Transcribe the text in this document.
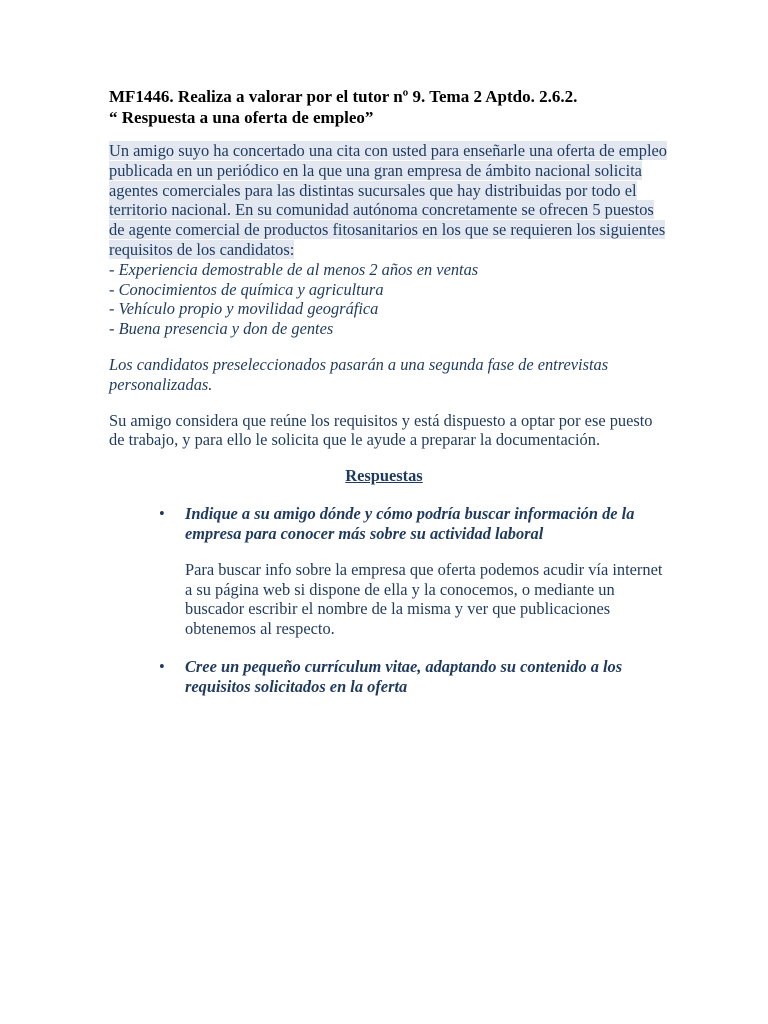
MF1446. Realiza a valorar por el tutor nº 9. Tema 2 Aptdo. 2.6.2.
“ Respuesta a una oferta de empleo”
Un amigo suyo ha concertado una cita con usted para enseñarle una oferta de empleo publicada en un periódico en la que una gran empresa de ámbito nacional solicita agentes comerciales para las distintas sucursales que hay distribuidas por todo el territorio nacional. En su comunidad autónoma concretamente se ofrecen 5 puestos de agente comercial de productos fitosanitarios en los que se requieren los siguientes requisitos de los candidatos:
- Experiencia demostrable de al menos 2 años en ventas
- Conocimientos de química y agricultura
- Vehículo propio y movilidad geográfica
- Buena presencia y don de gentes

Los candidatos preseleccionados pasarán a una segunda fase de entrevistas personalizadas.

Su amigo considera que reúne los requisitos y está dispuesto a optar por ese puesto de trabajo, y para ello le solicita que le ayude a preparar la documentación.

Respuestas
• Indique a su amigo dónde y cómo podría buscar información de la empresa para conocer más sobre su actividad laboral
Para buscar info sobre la empresa que oferta podemos acudir vía internet a su página web si dispone de ella y la conocemos, o mediante un buscador escribir el nombre de la misma y ver que publicaciones obtenemos al respecto.
• Cree un pequeño currículum vitae, adaptando su contenido a los requisitos solicitados en la oferta
